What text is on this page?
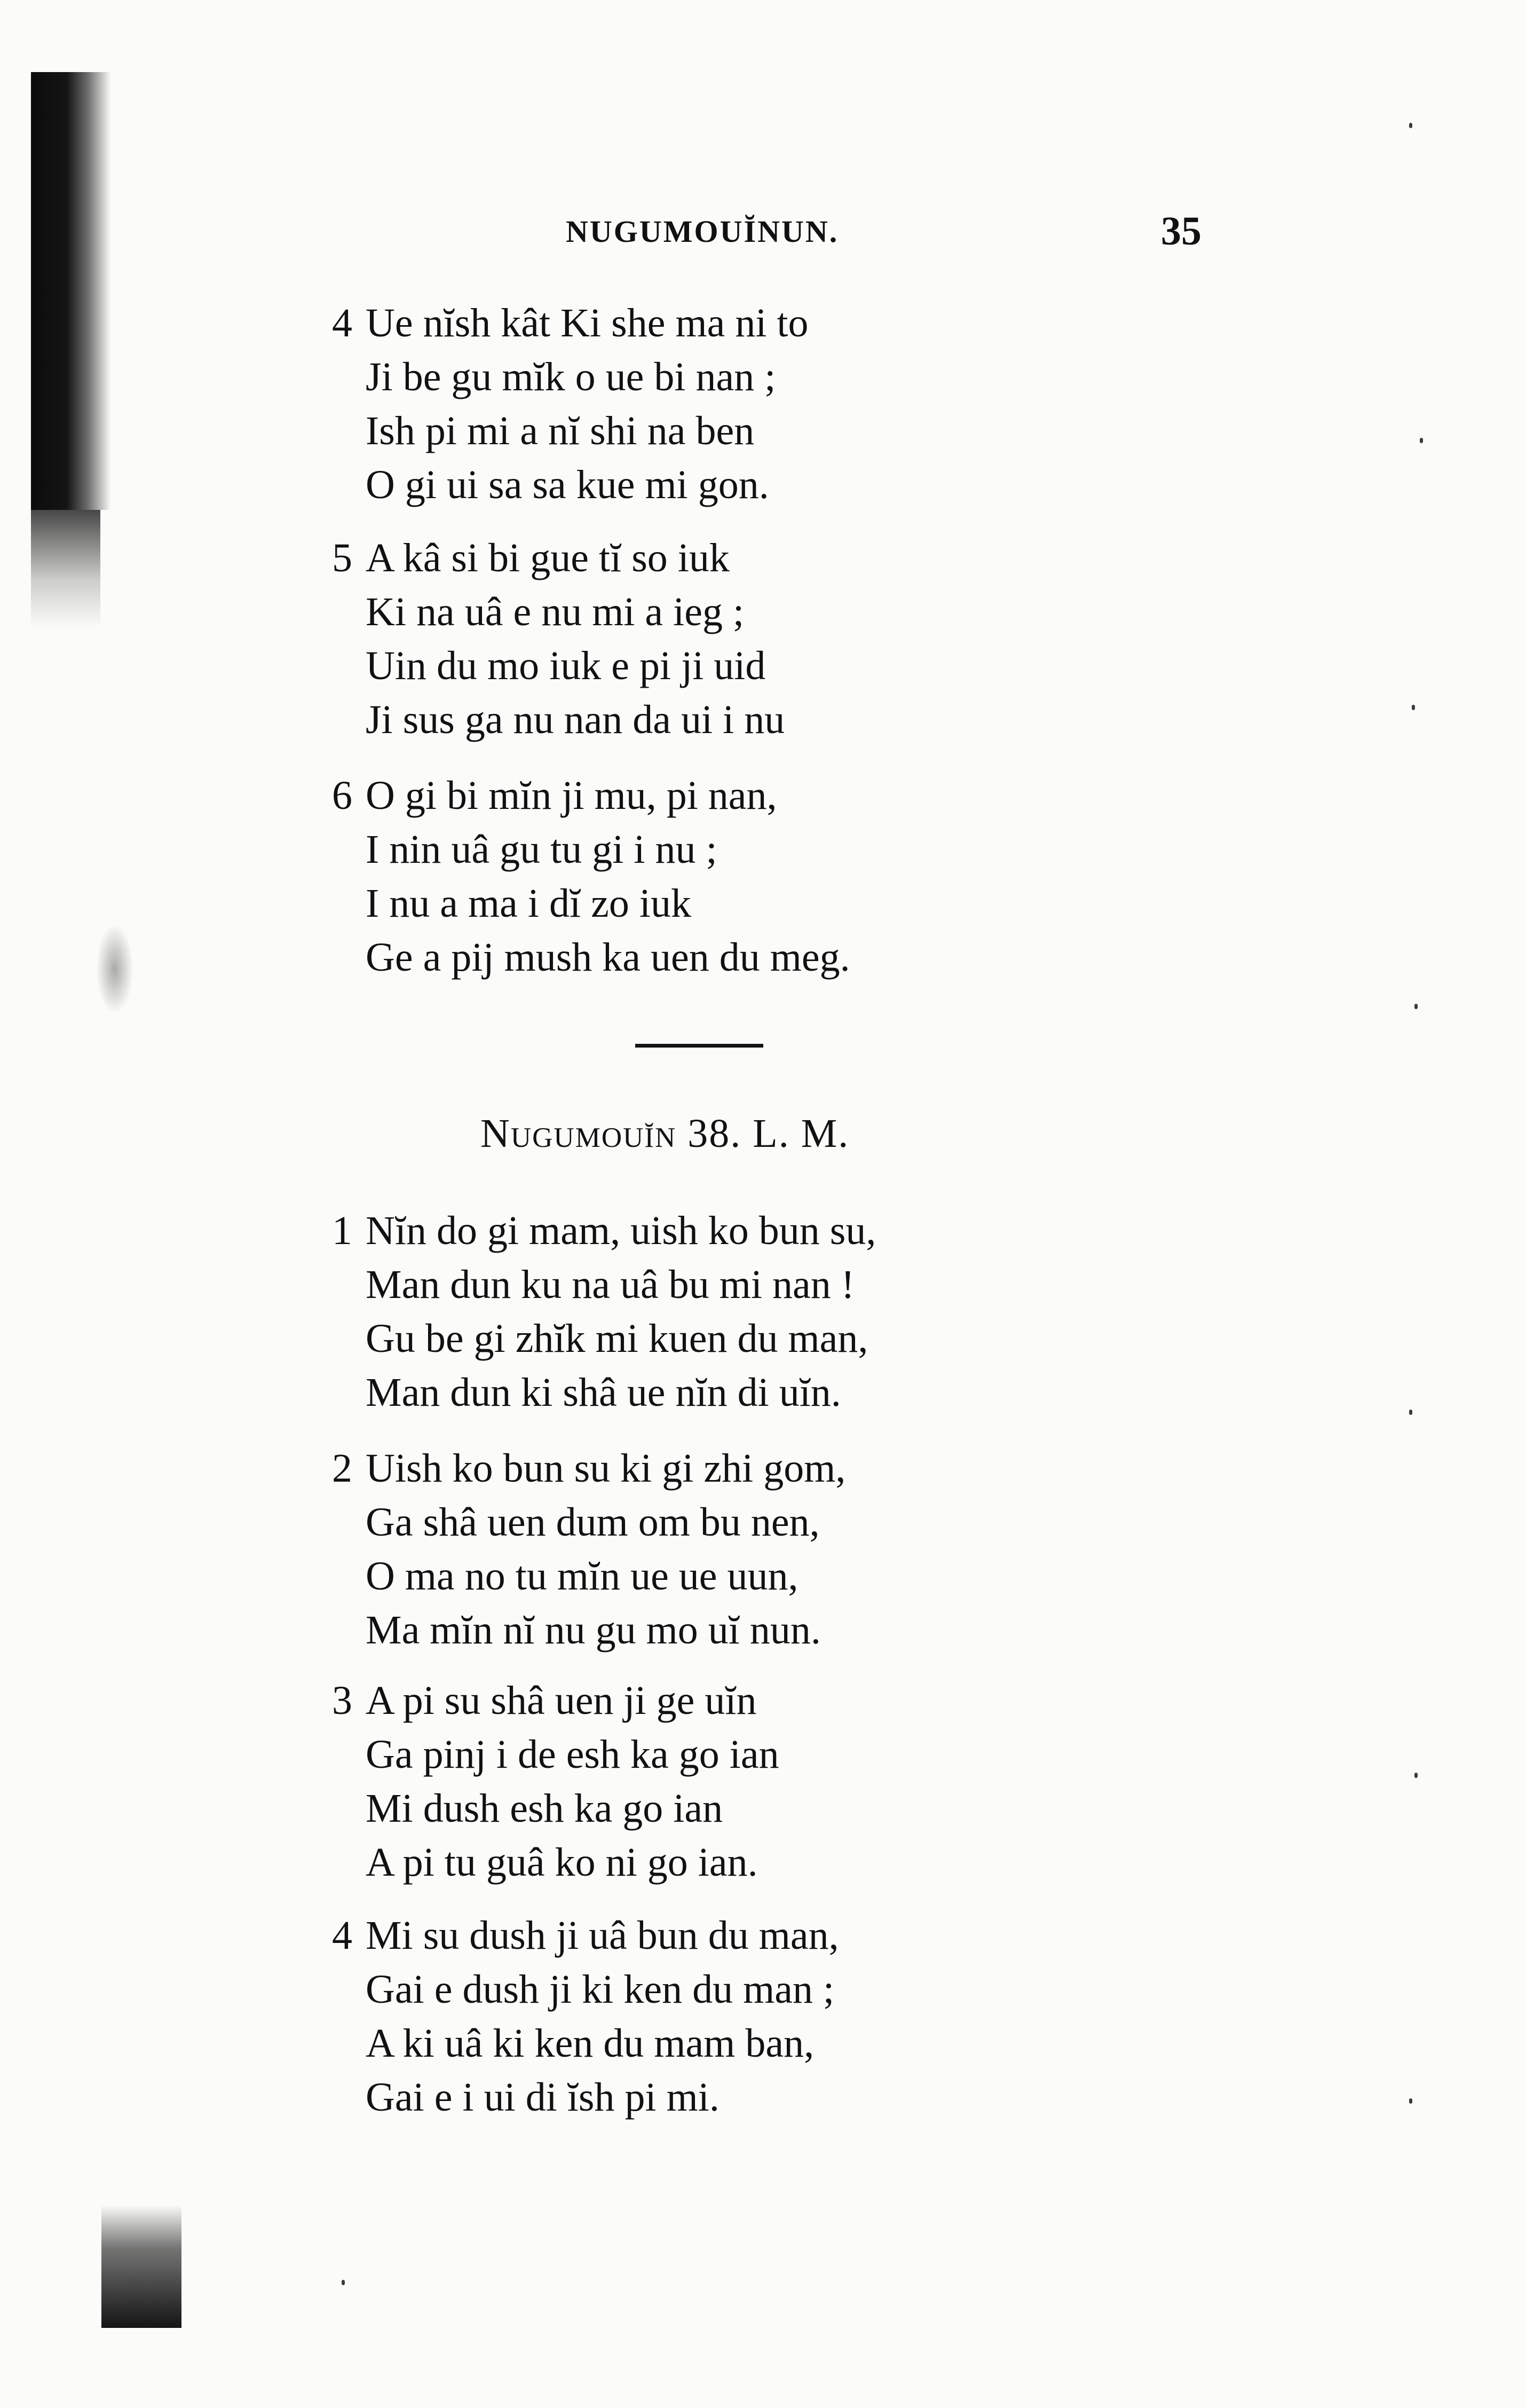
NUGUMOUĬNUN.	35
4 Ue nĭsh kât Ki she ma ni to
Ji be gu mĭk o ue bi nan ;
Ish pi mi a nĭ shi na ben
O gi ui sa sa kue mi gon.
5 A kâ si bi gue tĭ so iuk
Ki na uâ e nu mi a ieg ;
Uin du mo iuk e pi ji uid
Ji sus ga nu nan da ui i nu
6 O gi bi mĭn ji mu, pi nan,
I nin uâ gu tu gi i nu ;
I nu a ma i dĭ zo iuk
Ge a pij mush ka uen du meg.
Nugumouĭn 38. L. M.
1 Nĭn do gi mam, uish ko bun su,
Man dun ku na uâ bu mi nan !
Gu be gi zhĭk mi kuen du man,
Man dun ki shâ ue nĭn di uĭn.
2 Uish ko bun su ki gi zhi gom,
Ga shâ uen dum om bu nen,
O ma no tu mĭn ue ue uun,
Ma mĭn nĭ nu gu mo uĭ nun.
3 A pi su shâ uen ji ge uĭn
Ga pinj i de esh ka go ian
Mi dush esh ka go ian
A pi tu guâ ko ni go ian.
4 Mi su dush ji uâ bun du man,
Gai e dush ji ki ken du man ;
A ki uâ ki ken du mam ban,
Gai e i ui di ĭsh pi mi.
